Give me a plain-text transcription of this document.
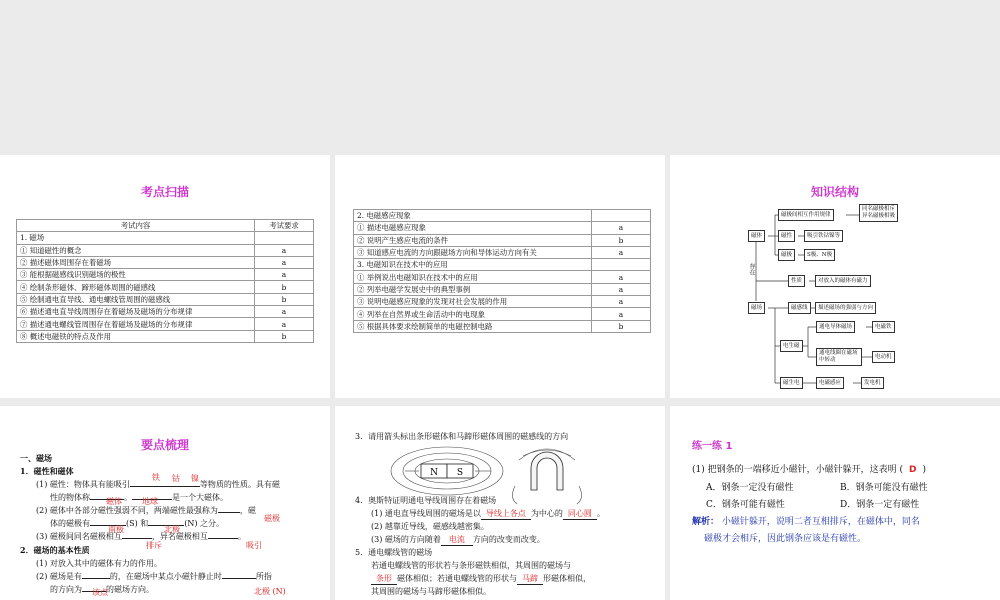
考点扫描
考试内容	考试要求
1. 磁场	
① 知道磁性的概念	a
② 描述磁体周围存在着磁场	a
③ 能根据磁感线识别磁场的极性	a
④ 绘制条形磁体、蹄形磁体周围的磁感线	b
⑤ 绘制通电直导线、通电螺线管周围的磁感线	b
⑥ 描述通电直导线周围存在着磁场及磁场的分布规律	a
⑦ 描述通电螺线管周围存在着磁场及磁场的分布规律	a
⑧ 概述电磁铁的特点及作用	b
2. 电磁感应现象	
① 描述电磁感应现象	a
② 说明产生感应电流的条件	b
③ 知道感应电流的方向跟磁场方向和导体运动方向有关	a
3. 电磁知识在技术中的应用	
① 举例说出电磁知识在技术中的应用	a
② 列举电磁学发展史中的典型事例	a
③ 说明电磁感应现象的发现对社会发展的作用	a
④ 列举在自然界或生命活动中的电现象	a
⑤ 根据具体要求绘制简单的电磁控制电路	b
知识结构
磁体
磁极间相互作用规律
同名磁极相斥
异名磁极相吸
磁性	吸引铁钴镍等
磁极	S极、N极
存在
性质	对放入的磁体有磁力
磁场	磁感线	描述磁场的强弱与方向
电生磁
通电导体磁场	电磁铁
通电线圈在磁场中转动	电动机
磁生电	电磁感应	发电机
要点梳理
一、磁场
1．磁性和磁体
(1) 磁性：物体具有能吸引	等物质的性质。具有磁
铁 钴 镍
性的物体称	。	是一个大磁体。
磁体	地球
(2) 磁体中各部分磁性强弱不同，两端磁性最强称为	，磁
磁极
体的磁极有	(S) 和	(N) 之分。
南极	北极
(3) 磁极间同名磁极相互	，异名磁极相互	。
排斥	吸引
2．磁场的基本性质
(1) 对放入其中的磁体有力的作用。
(2) 磁场是有	的，在磁场中某点小磁针静止时	所指
北极 (N)
的方向为	的磁场方向。
该点
3．请用箭头标出条形磁体和马蹄形磁体周围的磁感线的方向
N S
4．奥斯特证明通电导线周围存在着磁场
(1) 通电直导线周围的磁场是以 导线上各点 为中心的 同心圆 。
(2) 越靠近导线，磁感线越密集。
(3) 磁场的方向随着 电流 方向的改变而改变。
5．通电螺线管的磁场
若通电螺线管的形状若与条形磁铁相似，其周围的磁场与
条形 磁体相似；若通电螺线管的形状与 马蹄 形磁体相似，
其周围的磁场与马蹄形磁体相似。
练一练 1
(1) 把钢条的一端移近小磁针，小磁针躲开，这表明 ( D )
A．钢条一定没有磁性	B．钢条可能没有磁性
C．钢条可能有磁性	D．钢条一定有磁性
解析： 小磁针躲开，说明二者互相排斥，在磁体中，同名
磁极才会相斥，因此钢条应该是有磁性。
